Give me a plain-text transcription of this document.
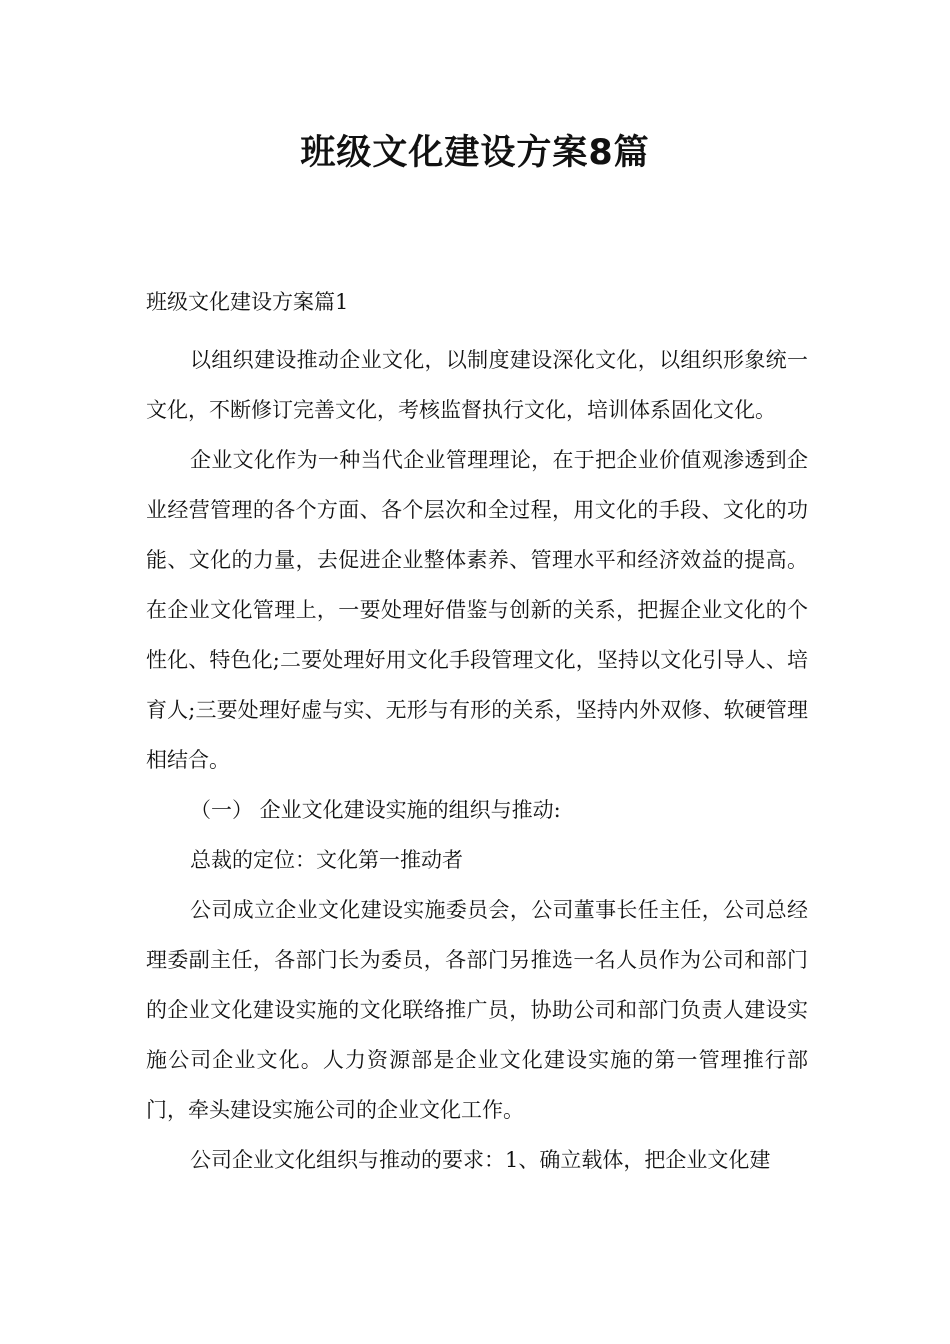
班级文化建设方案8篇

班级文化建设方案篇1

以组织建设推动企业文化，以制度建设深化文化，以组织形象统一文化，不断修订完善文化，考核监督执行文化，培训体系固化文化。

企业文化作为一种当代企业管理理论，在于把企业价值观渗透到企业经营管理的各个方面、各个层次和全过程，用文化的手段、文化的功能、文化的力量，去促进企业整体素养、管理水平和经济效益的提高。在企业文化管理上，一要处理好借鉴与创新的关系，把握企业文化的个性化、特色化;二要处理好用文化手段管理文化，坚持以文化引导人、培育人;三要处理好虚与实、无形与有形的关系，坚持内外双修、软硬管理相结合。

（一） 企业文化建设实施的组织与推动:

总裁的定位：文化第一推动者

公司成立企业文化建设实施委员会，公司董事长任主任，公司总经理委副主任，各部门长为委员，各部门另推选一名人员作为公司和部门的企业文化建设实施的文化联络推广员，协助公司和部门负责人建设实施公司企业文化。人力资源部是企业文化建设实施的第一管理推行部门，牵头建设实施公司的企业文化工作。

公司企业文化组织与推动的要求：1、确立载体，把企业文化建
